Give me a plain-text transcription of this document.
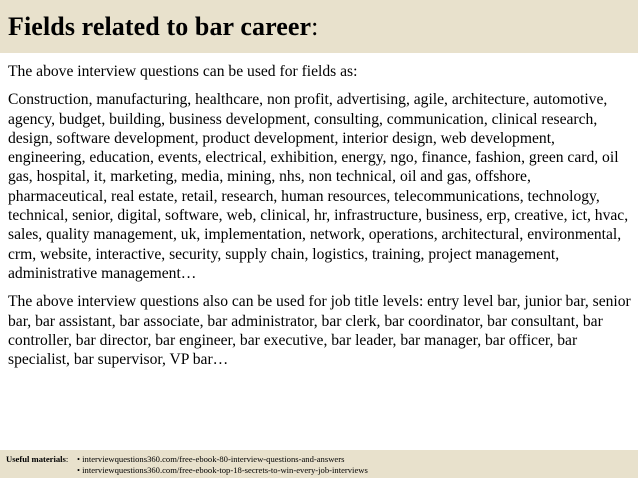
Fields related to bar career:

The above interview questions can be used for fields as:

Construction, manufacturing, healthcare, non profit, advertising, agile, architecture, automotive, agency, budget, building, business development, consulting, communication, clinical research, design, software development, product development, interior design, web development, engineering, education, events, electrical, exhibition, energy, ngo, finance, fashion, green card, oil gas, hospital, it, marketing, media, mining, nhs, non technical, oil and gas, offshore, pharmaceutical, real estate, retail, research, human resources, telecommunications, technology, technical, senior, digital, software, web, clinical, hr, infrastructure, business, erp, creative, ict, hvac, sales, quality management, uk, implementation, network, operations, architectural, environmental, crm, website, interactive, security, supply chain, logistics, training, project management, administrative management…

The above interview questions also can be used for job title levels: entry level bar, junior bar, senior bar, bar assistant, bar associate, bar administrator, bar clerk, bar coordinator, bar consultant, bar controller, bar director, bar engineer, bar executive, bar leader, bar manager, bar officer, bar specialist, bar supervisor, VP bar…

Useful materials:• interviewquestions360.com/free-ebook-80-interview-questions-and-answers
• interviewquestions360.com/free-ebook-top-18-secrets-to-win-every-job-interviews
